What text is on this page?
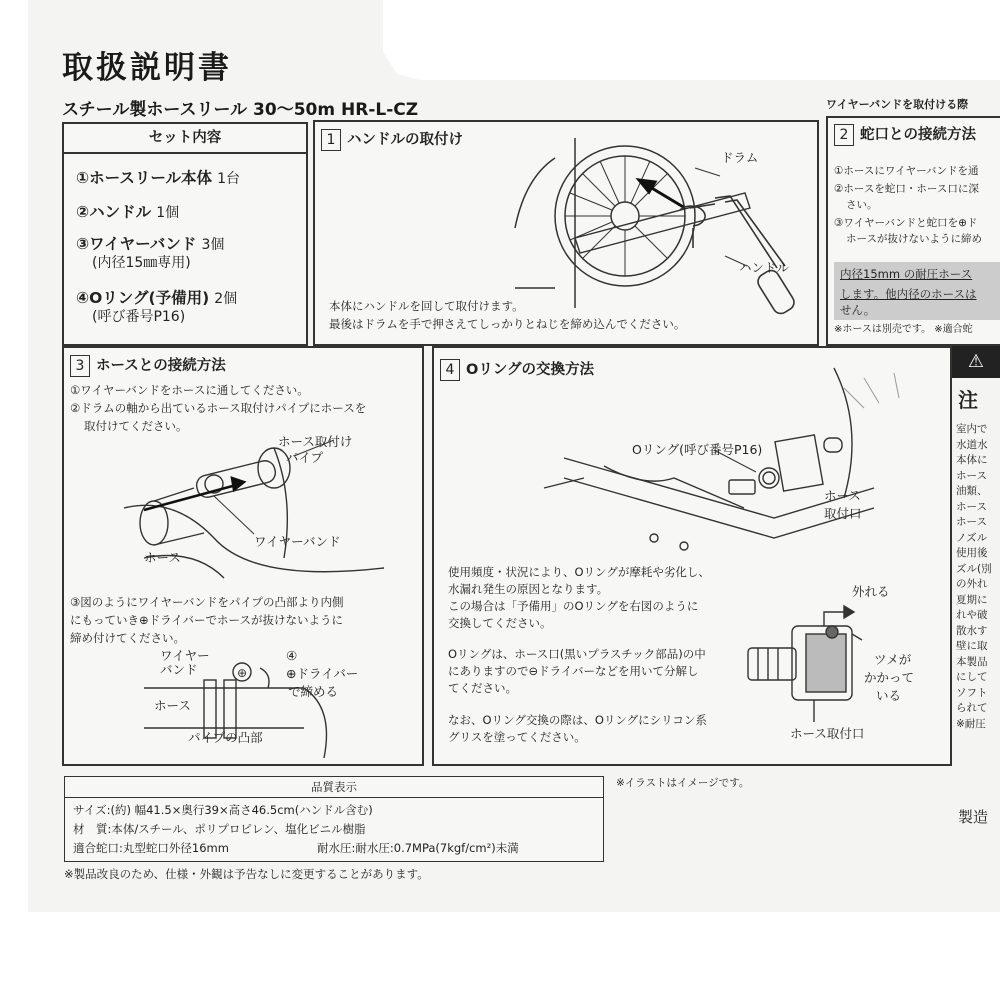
取扱説明書
スチール製ホースリール 30〜50m HR-L-CZ	ワイヤーバンドを取付ける際
セット内容
①ホースリール本体 1台
②ハンドル 1個
③ワイヤーバンド 3個
(内径15㎜専用)
④Oリング(予備用) 2個
(呼び番号P16)
1 ハンドルの取付け
ドラム
ハンドル
本体にハンドルを回して取付けます。
最後はドラムを手で押さえてしっかりとねじを締め込んでください。
2 蛇口との接続方法
①ホースにワイヤーバンドを通
②ホースを蛇口・ホース口に深
さい。
③ワイヤーバンドと蛇口を⊕ド
ホースが抜けないように締め
内径15mm の耐圧ホース
します。他内径のホースは
せん。
※ホースは別売です。 ※適合蛇
3 ホースとの接続方法
①ワイヤーバンドをホースに通してください。
②ドラムの軸から出ているホース取付けパイプにホースを
取付けてください。
ホース取付け
パイプ
ホース
ワイヤーバンド
③図のようにワイヤーバンドをパイプの凸部より内側
にもっていき⊕ドライバーでホースが抜けないように
締め付けてください。
⊕
ワイヤー
バンド
ホース
パイプの凸部
④
⊕ドライバー
で締める
4 Oリングの交換方法
Oリング(呼び番号P16)
ホース
取付口
使用頻度・状況により、Oリングが摩耗や劣化し、
水漏れ発生の原因となります。
この場合は「予備用」のOリングを右図のように
交換してください。
Oリングは、ホース口(黒いプラスチック部品)の中
にありますので⊖ドライバーなどを用いて分解し
てください。
なお、Oリング交換の際は、Oリングにシリコン系
グリスを塗ってください。
外れる
ツメが
かかって
いる
ホース取付口
⚠
注
室内で
水道水
本体に
ホース
油類、
ホース
ホース
ノズル
使用後
ズル(別
の外れ
夏期に
れや破
散水す
壁に取
本製品
にして
ソフト
られて
※耐圧
品質表示
サイズ:(約) 幅41.5×奥行39×高さ46.5cm(ハンドル含む)
材　質:本体/スチール、ポリプロピレン、塩化ビニル樹脂
適合蛇口:丸型蛇口外径16mm	耐水圧:耐水圧:0.7MPa(7kgf/cm²)未満
※イラストはイメージです。
※製品改良のため、仕様・外観は予告なしに変更することがあります。
製造
